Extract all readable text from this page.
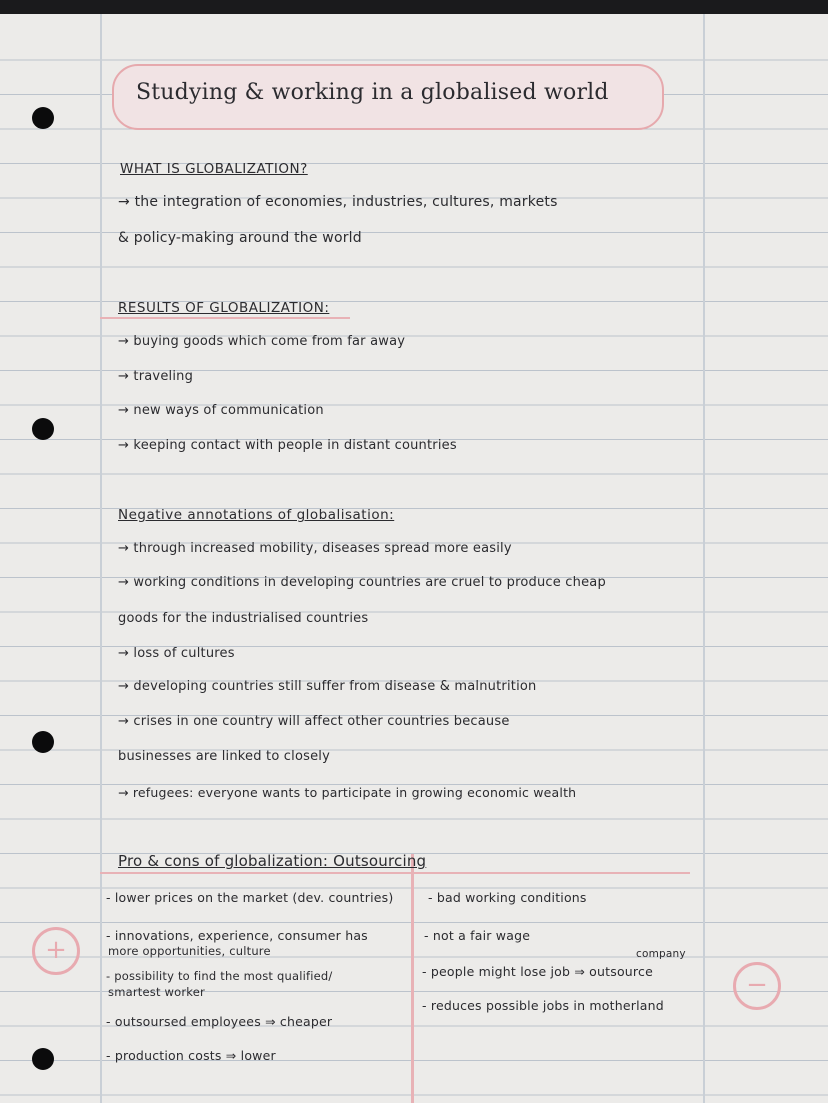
Studying & working in a globalised world
WHAT IS GLOBALIZATION?
→ the integration of economies, industries, cultures, markets
& policy-making around the world
RESULTS OF GLOBALIZATION:
→ buying goods which come from far away
→ traveling
→ new ways of communication
→ keeping contact with people in distant countries
Negative annotations of globalisation:
→ through increased mobility, diseases spread more easily
→ working conditions in developing countries are cruel to produce cheap
goods for the industrialised countries
→ loss of cultures
→ developing countries still suffer from disease & malnutrition
→ crises in one country will affect other countries because
businesses are linked to closely
→ refugees: everyone wants to participate in growing economic wealth
Pro & cons of globalization: Outsourcing
- lower prices on the market (dev. countries)
- innovations, experience, consumer has
more opportunities, culture
- possibility to find the most qualified/
smartest worker
- outsoursed employees ⇒ cheaper
- production costs ⇒ lower
- bad working conditions
- not a fair wage
company
- people might lose job ⇒ outsource
- reduces possible jobs in motherland
+
−
